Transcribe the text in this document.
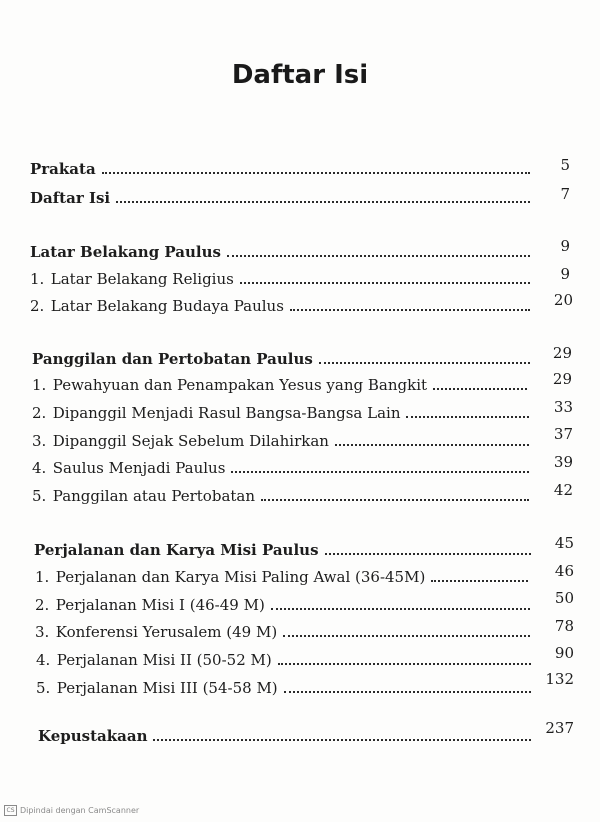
Daftar Isi
Prakata	5
Daftar Isi	7
Latar Belakang Paulus	9
1. Latar Belakang Religius	9
2. Latar Belakang Budaya Paulus	20
Panggilan dan Pertobatan Paulus	29
1. Pewahyuan dan Penampakan Yesus yang Bangkit	29
2. Dipanggil Menjadi Rasul Bangsa-Bangsa Lain	33
3. Dipanggil Sejak Sebelum Dilahirkan	37
4. Saulus Menjadi Paulus	39
5. Panggilan atau Pertobatan	42
Perjalanan dan Karya Misi Paulus	45
1. Perjalanan dan Karya Misi Paling Awal (36-45M)	46
2. Perjalanan Misi I (46-49 M)	50
3. Konferensi Yerusalem (49 M)	78
4. Perjalanan Misi II (50-52 M)	90
5. Perjalanan Misi III (54-58 M)	132
Kepustakaan	237
CS Dipindai dengan CamScanner
